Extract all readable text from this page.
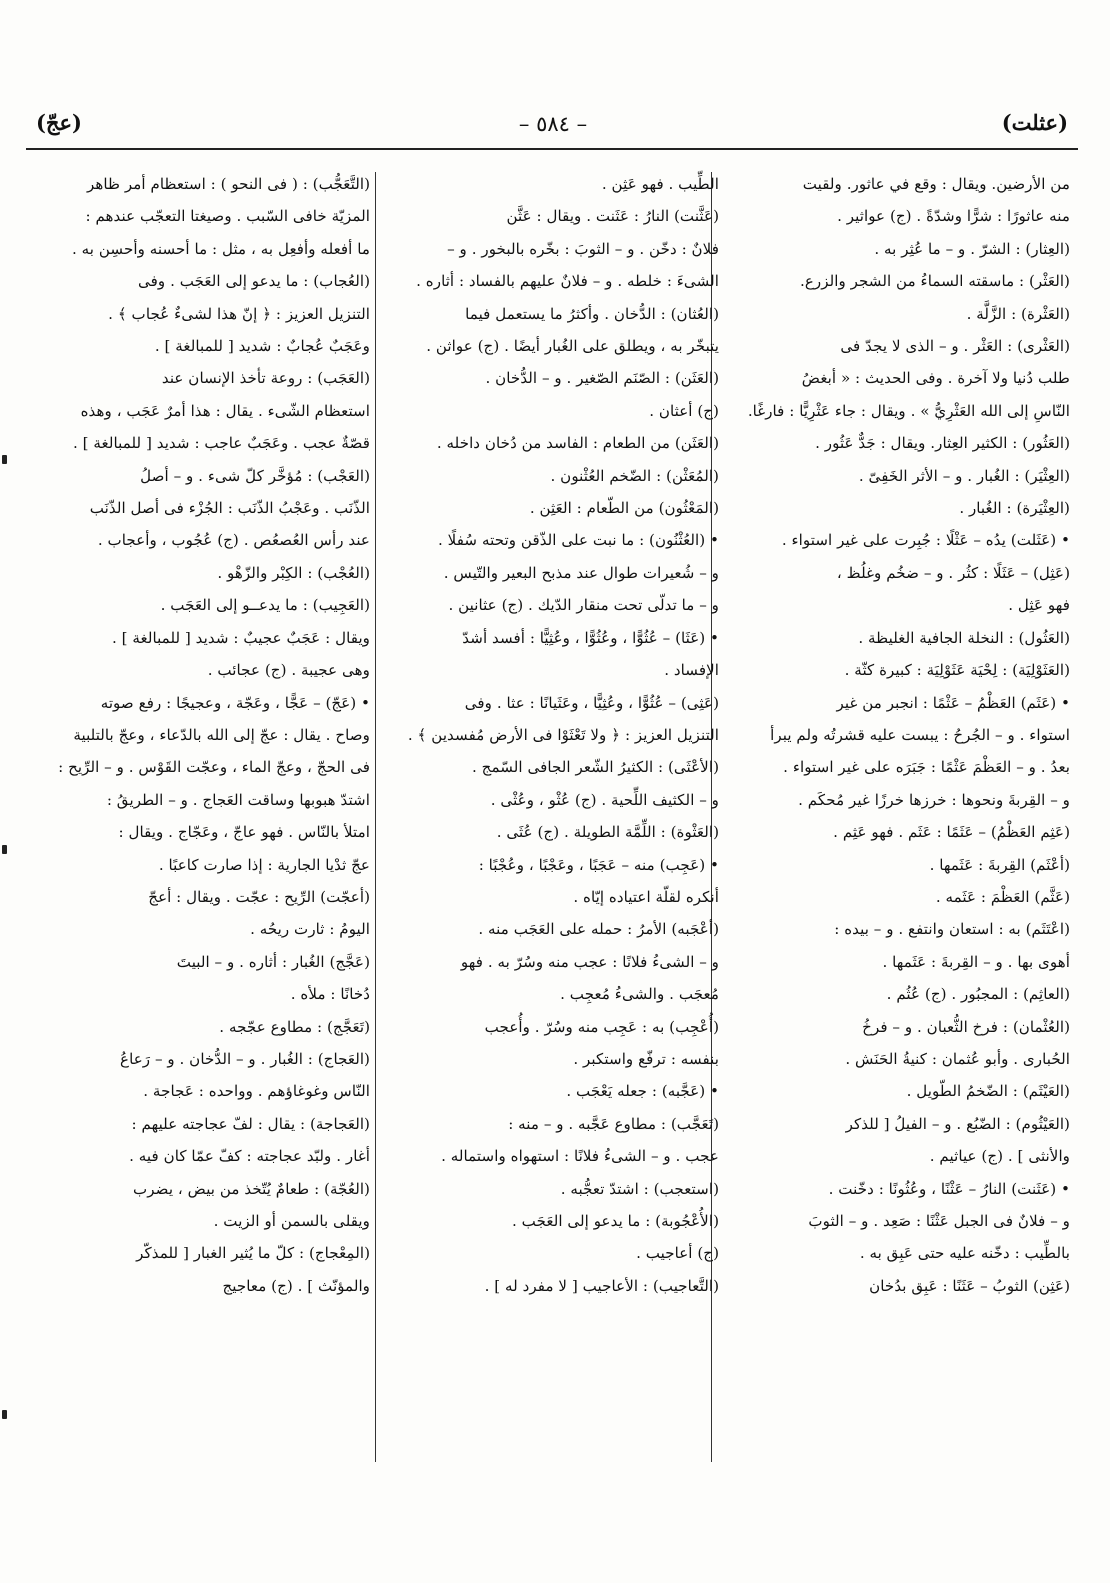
(عثلت)
– ٥٨٤ –
(عجّ)
من الأرضين. ويقال : وقع في عاثور. ولقيت
منه عاثورًا : شرًّا وشدّةً . (ج) عواثير .
(العِثار) : الشرّ . و – ما عُثِر به .
(العَثْر) : ماسقته السماءُ من الشجر والزرع.
(العَثْرة) : الزَّلَّة .
(العَثْرى) : العَثْر . و – الذى لا يجدّ فى
طلب دُنيا ولا آخرة . وفى الحديث : « أبغضُ
النّاسِ إلى الله العَثْرِيُّ » . ويقال : جاء عَثْرِيًّا : فارغًا.
(العَثُور) : الكثير العِثار. ويقال : جَدٌّ عَثُور .
(العِثْيَر) : الغُبار . و – الأثر الخَفِىّ .
(العِثْيَرة) : الغُبار .
• (عَثَلت) يدُه – عَثْلًا : جُبِرت على غير استواء .
(عَثِل) – عَثَلًا : كثُر . و – ضخُم وغلُظ ،
فهو عَثِل .
(العَثُول) : النخلة الجافية الغليظة .
(العَثَوْلِيَة) : لِحْيَة عَثَوْلِيَة : كبيرة كثّة .
• (عَثَم) العَظْمُ – عَثْمًا : انجبر من غير
استواء . و – الجُرحُ : يبست عليه قشرتُه ولم يبرأ
بعدُ . و – العَظْمَ عَثْمًا : جَبَرَه على غير استواء .
و – القِربةَ ونحوها : خرزها خرزًا غير مُحكَم .
(عَثِم العَظْمُ) – عَثَمًا : عَثَم . فهو عَثِم .
(أعْثَم) القِربةَ : عَثَمها .
(عَثَّم) العَظْمَ : عَثَمه .
(اعْتَثَم) به : استعان وانتفع . و – بيده :
أهوى بها . و – القِربةَ : عَثَمها .
(العاثِم) : المجبُور . (ج) عُثُم .
(العُثْمان) : فرخ الثُّعبان . و – فرخُ
الحُبارى . وأبو عُثمان : كنيةُ الحَنَش .
(العَيْثَم) : الضّخمُ الطّويل .
(العَيْثُوم) : الضّبُع . و – الفيلُ [ للذكر
والأنثى ] . (ج) عياثيم .
• (عَثَنت) النارُ – عَثْنًا ، وعُثُونًا : دخّنت .
و – فلانٌ فى الجبل عَثْنًا : صَعِد . و – الثوبَ
بالطِّيب : دخّنه عليه حتى عَبِق به .
(عَثِن) الثوبُ – عَثَنًا : عَبِق بدُخان
الطِّيب . فهو عَثِن .
(عَثَّنت) النارُ : عَثَنت . ويقال : عَثَّن
فلانٌ : دخّن . و – الثوبَ : بخّره بالبخور . و –
الشىءَ : خلطه . و – فلانٌ عليهم بالفساد : أثاره .
(العُثان) : الدُّخان . وأكثرُ ما يستعمل فيما
يتبخّر به ، ويطلق على الغُبار أيضًا . (ج) عواثن .
(العَثَن) : الصّنَم الصّغير . و – الدُّخان .
(ج) أعثان .
(العَثَن) من الطعام : الفاسد من دُخان داخله .
(المُعَثْن) : الضّخم العُثْنون .
(المَعْثُون) من الطّعام : العَثِن .
• (العُثْنُون) : ما نبت على الذّقن وتحته سُفلًا .
و – شُعيرات طوال عند مذبح البعير والتّيس .
و – ما تدلّى تحت منقار الدّيك . (ج) عثانين .
• (عَثَا) – عُثُوًّا ، وعُثُوًّا ، وعُثِيًّا : أفسد أشدّ
الإفساد .
(عَثِى) – عُثُوًّا ، وعُثِيًّا ، وعَثَيانًا : عثا . وفى
التنزيل العزيز : ﴿ ولا تَعْثَوْا فى الأرض مُفسدين ﴾ .
(الأعْثَى) : الكثيرُ الشّعر الجافى السّمج .
و – الكثيف اللِّحية . (ج) عُثْو ، وعُثْى .
(العَثْوة) : اللِّمَّة الطويلة . (ج) عُثَى .
• (عَجِب) منه – عَجَبًا ، وعَجْبًا ، وعُجْبًا :
أنكره لقلّة اعتياده إيّاه .
(أعْجَبه) الأمرُ : حمله على العَجَب منه .
و – الشىءُ فلانًا : عجب منه وسُرّ به . فهو
مُعجَب . والشىءُ مُعجِب .
(أُعْجِب) به : عَجِب منه وسُرّ . وأُعجب
بنفسه : ترفّع واستكبر .
• (عَجَّبه) : جعله يَعْجَب .
(تَعَجَّب) : مطاوع عَجَّبه . و – منه :
عجب . و – الشىءُ فلانًا : استهواه واستماله .
(استعجب) : اشتدّ تعجُّبه .
(الأُعْجُوبة) : ما يدعو إلى العَجَب .
(ج) أعاجيب .
(التَّعاجيب) : الأعاجيب [ لا مفرد له ] .
(التَّعَجُّب) : ( فى النحو ) : استعظام أمر ظاهر
المزيّة خافى السّبب . وصيغتا التعجّب عندهم :
ما أفعله وأفعِل به ، مثل : ما أحسنه وأحسِن به .
(العُجاب) : ما يدعو إلى العَجَب . وفى
التنزيل العزيز : ﴿ إنّ هذا لشىءٌ عُجاب ﴾ .
وعَجَبٌ عُجابٌ : شديد [ للمبالغة ] .
(العَجَب) : روعة تأخذ الإنسان عند
استعظام الشّىء . يقال : هذا أمرٌ عَجَب ، وهذه
قصّةٌ عجب . وعَجَبٌ عاجب : شديد [ للمبالغة ] .
(العَجْب) : مُؤخَّر كلّ شىء . و – أصلُ
الذّنَب . وعَجْبُ الذّنَب : الجُزْء فى أصل الذّنَب
عند رأس العُصعُص . (ج) عُجُوب ، وأعجاب .
(العُجْب) : الكِبْر والزّهْو .
(العَجِيب) : ما يدعــو إلى العَجَب .
ويقال : عَجَبٌ عجيبٌ : شديد [ للمبالغة ] .
وهى عجيبة . (ج) عجائب .
• (عَجّ) – عَجًّا ، وعَجّة ، وعجيجًا : رفع صوته
وصاح . يقال : عجّ إلى الله بالدّعاء ، وعجّ بالتلبية
فى الحجّ ، وعجّ الماء ، وعجّت القَوْس . و – الرِّيح :
اشتدّ هبوبها وساقت العَجاج . و – الطريقُ :
امتلأ بالنّاس . فهو عاجّ ، وعَجّاج . ويقال :
عجّ ثدْيا الجارية : إذا صارت كاعبًا .
(أعجّت) الرِّيح : عجّت . ويقال : أعجّ
اليومُ : ثارت ريحُه .
(عَجَّج) الغُبار : أثاره . و – البيتَ
دُخانًا : ملأه .
(تَعَجَّج) : مطاوع عجّجه .
(العَجاج) : الغُبار . و – الدُّخان . و – رَعاعُ
النّاس وغوغاؤهم . وواحده : عَجاجة .
(العَجاجة) : يقال : لفّ عجاجته عليهم :
أغار . ولبّد عجاجته : كفّ عمّا كان فيه .
(العُجّة) : طعامٌ يُتّخذ من بيض ، يضرب
ويقلى بالسمن أو الزيت .
(المِعْجاج) : كلّ ما يُثير الغبار [ للمذكّر
والمؤنّث ] . (ج) معاجيج
